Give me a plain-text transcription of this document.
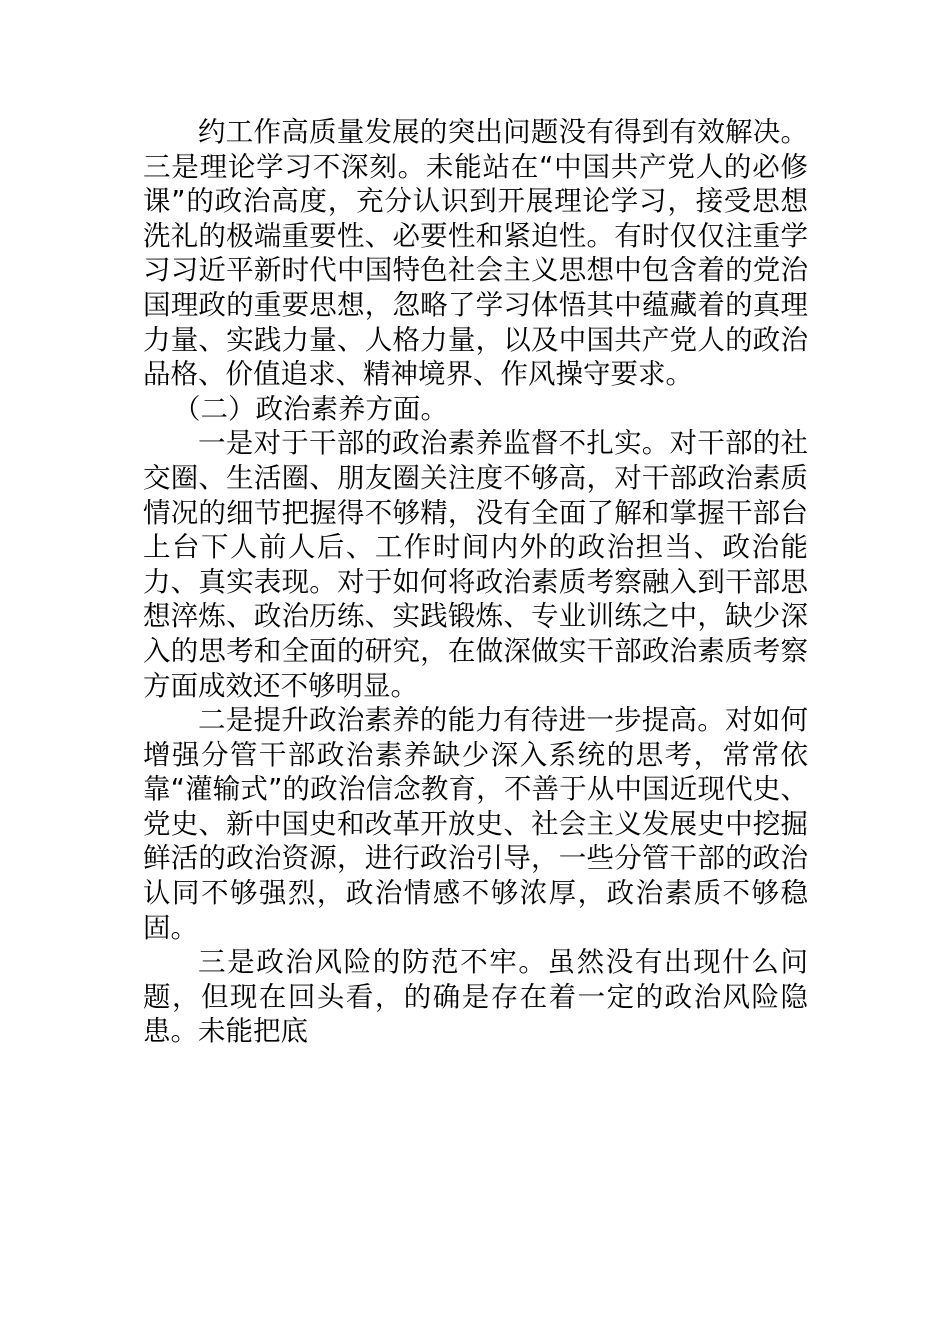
约工作高质量发展的突出问题没有得到有效解决。三是理论学习不深刻。未能站在“中国共产党人的必修课”的政治高度，充分认识到开展理论学习，接受思想洗礼的极端重要性、必要性和紧迫性。有时仅仅注重学习习近平新时代中国特色社会主义思想中包含着的党治国理政的重要思想，忽略了学习体悟其中蕴藏着的真理力量、实践力量、人格力量，以及中国共产党人的政治品格、价值追求、精神境界、作风操守要求。

（二）政治素养方面。

一是对于干部的政治素养监督不扎实。对干部的社交圈、生活圈、朋友圈关注度不够高，对干部政治素质情况的细节把握得不够精，没有全面了解和掌握干部台上台下人前人后、工作时间内外的政治担当、政治能力、真实表现。对于如何将政治素质考察融入到干部思想淬炼、政治历练、实践锻炼、专业训练之中，缺少深入的思考和全面的研究，在做深做实干部政治素质考察方面成效还不够明显。

二是提升政治素养的能力有待进一步提高。对如何增强分管干部政治素养缺少深入系统的思考，常常依靠“灌输式”的政治信念教育，不善于从中国近现代史、党史、新中国史和改革开放史、社会主义发展史中挖掘鲜活的政治资源，进行政治引导，一些分管干部的政治认同不够强烈，政治情感不够浓厚，政治素质不够稳固。

三是政治风险的防范不牢。虽然没有出现什么问题，但现在回头看，的确是存在着一定的政治风险隐患。未能把底
